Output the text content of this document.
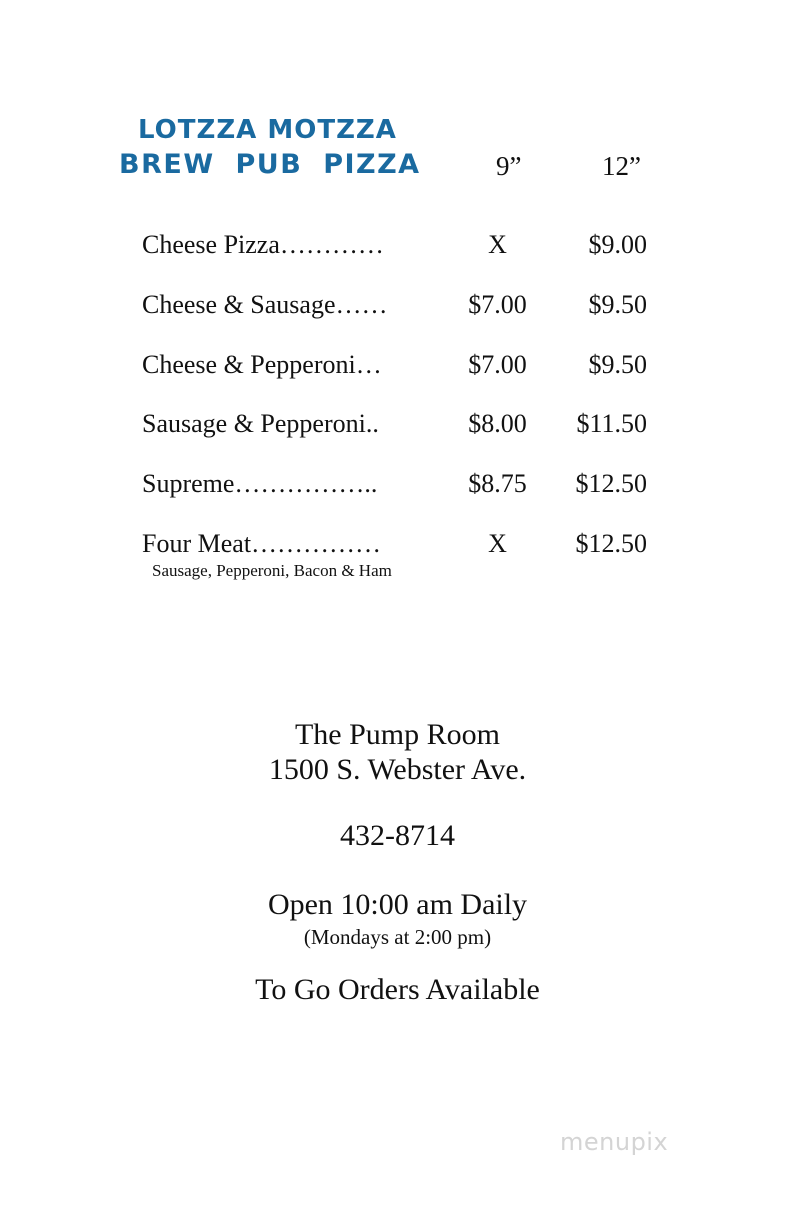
LOTZZA MOTZZA
BREW PUB PIZZA	9”	12”
Cheese Pizza…………	X	$9.00
Cheese & Sausage……	$7.00	$9.50
Cheese & Pepperoni…	$7.00	$9.50
Sausage & Pepperoni..	$8.00	$11.50
Supreme……………..	$8.75	$12.50
Four Meat……………	X	$12.50
Sausage, Pepperoni, Bacon & Ham
The Pump Room
1500 S. Webster Ave.
432-8714
Open 10:00 am Daily
(Mondays at 2:00 pm)
To Go Orders Available
menupix
